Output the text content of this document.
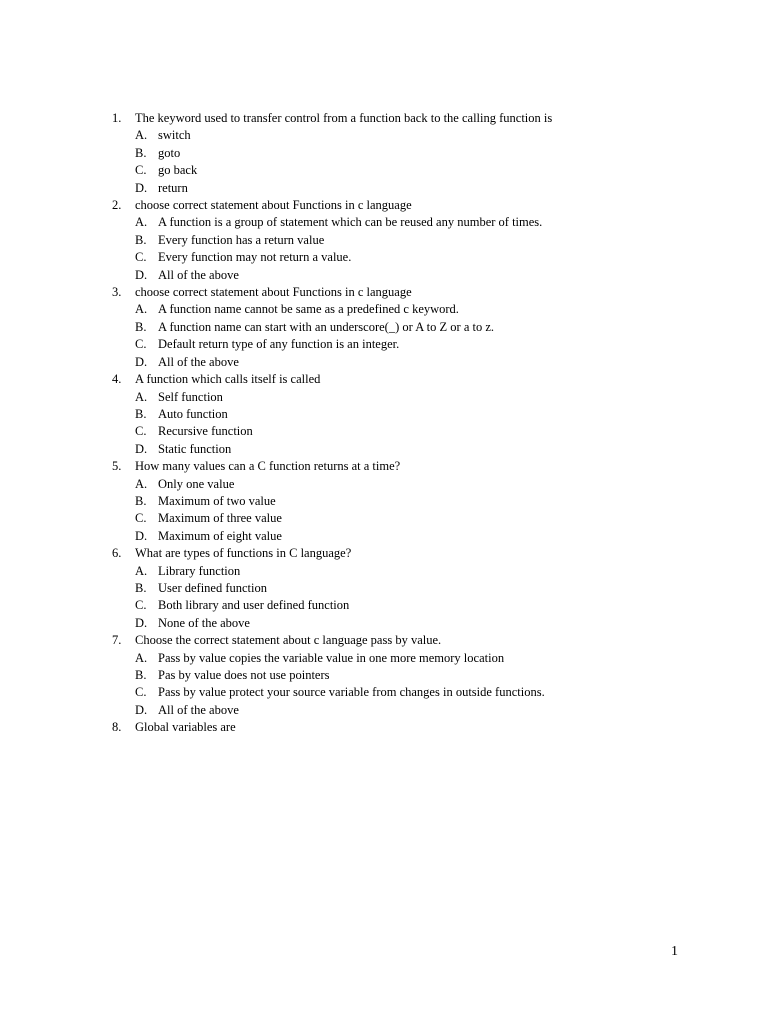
1. The keyword used to transfer control from a function back to the calling function is
A. switch
B. goto
C. go back
D. return
2. choose correct statement about Functions in c language
A. A function is a group of statement which can be reused any number of times.
B. Every function has a return value
C. Every function may not return a value.
D. All of the above
3. choose correct statement about Functions in c language
A. A function name cannot be same as a predefined c keyword.
B. A function name can start with an underscore(_) or A to Z or a to z.
C. Default return type of any function is an integer.
D. All of the above
4. A function which calls itself is called
A. Self function
B. Auto function
C. Recursive function
D. Static function
5. How many values can a C function returns at a time?
A. Only one value
B. Maximum of two value
C. Maximum of three value
D. Maximum of eight value
6. What are types of functions in C language?
A. Library function
B. User defined function
C. Both library and user defined function
D. None of the above
7. Choose the correct statement about c language pass by value.
A. Pass by value copies the variable value in one more memory location
B. Pas by value does not use pointers
C. Pass by value protect your source variable from changes in outside functions.
D. All of the above
8. Global variables are
1
